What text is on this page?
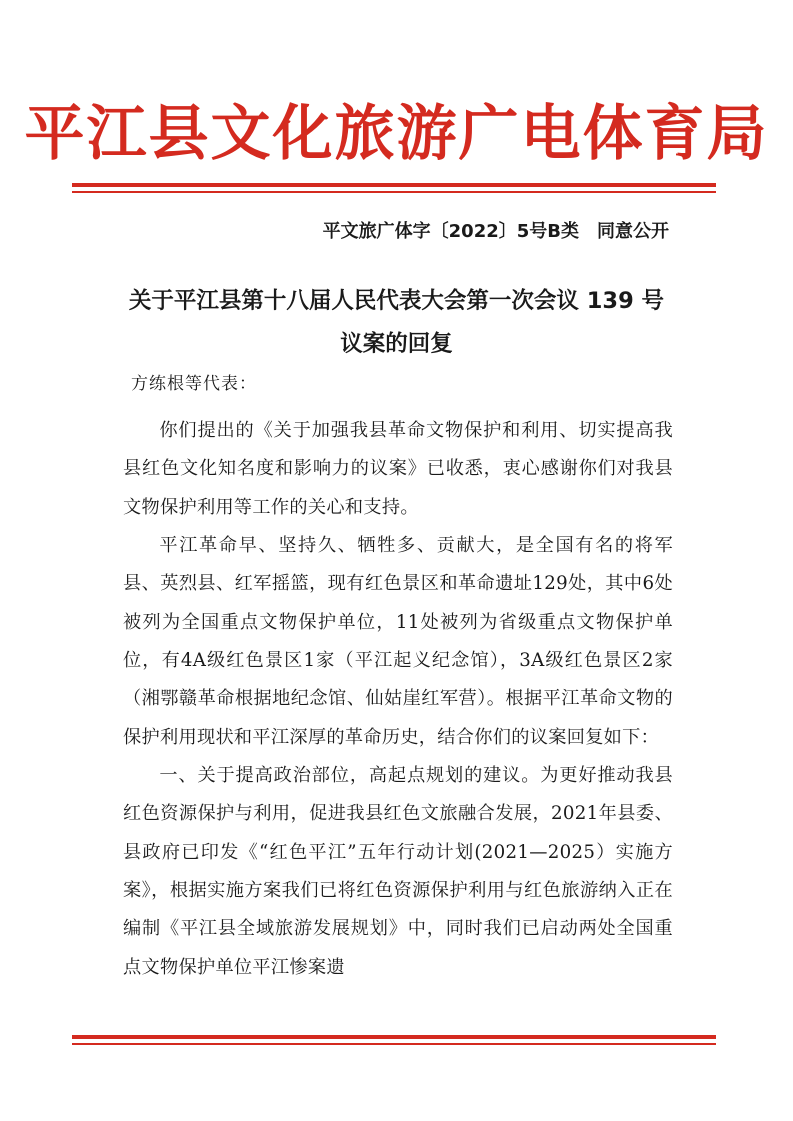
平江县文化旅游广电体育局
平文旅广体字〔2022〕5号B类 同意公开
关于平江县第十八届人民代表大会第一次会议 139 号
议案的回复
方练根等代表：

你们提出的《关于加强我县革命文物保护和利用、切实提高我县红色文化知名度和影响力的议案》已收悉，衷心感谢你们对我县文物保护利用等工作的关心和支持。

平江革命早、坚持久、牺牲多、贡献大，是全国有名的将军县、英烈县、红军摇篮，现有红色景区和革命遗址129处，其中6处被列为全国重点文物保护单位，11处被列为省级重点文物保护单位，有4A级红色景区1家（平江起义纪念馆），3A级红色景区2家（湘鄂赣革命根据地纪念馆、仙姑崖红军营）。根据平江革命文物的保护利用现状和平江深厚的革命历史，结合你们的议案回复如下：

一、关于提高政治部位，高起点规划的建议。为更好推动我县红色资源保护与利用，促进我县红色文旅融合发展，2021年县委、县政府已印发《“红色平江”五年行动计划(2021—2025）实施方案》，根据实施方案我们已将红色资源保护利用与红色旅游纳入正在编制《平江县全域旅游发展规划》中，同时我们已启动两处全国重点文物保护单位平江惨案遗
